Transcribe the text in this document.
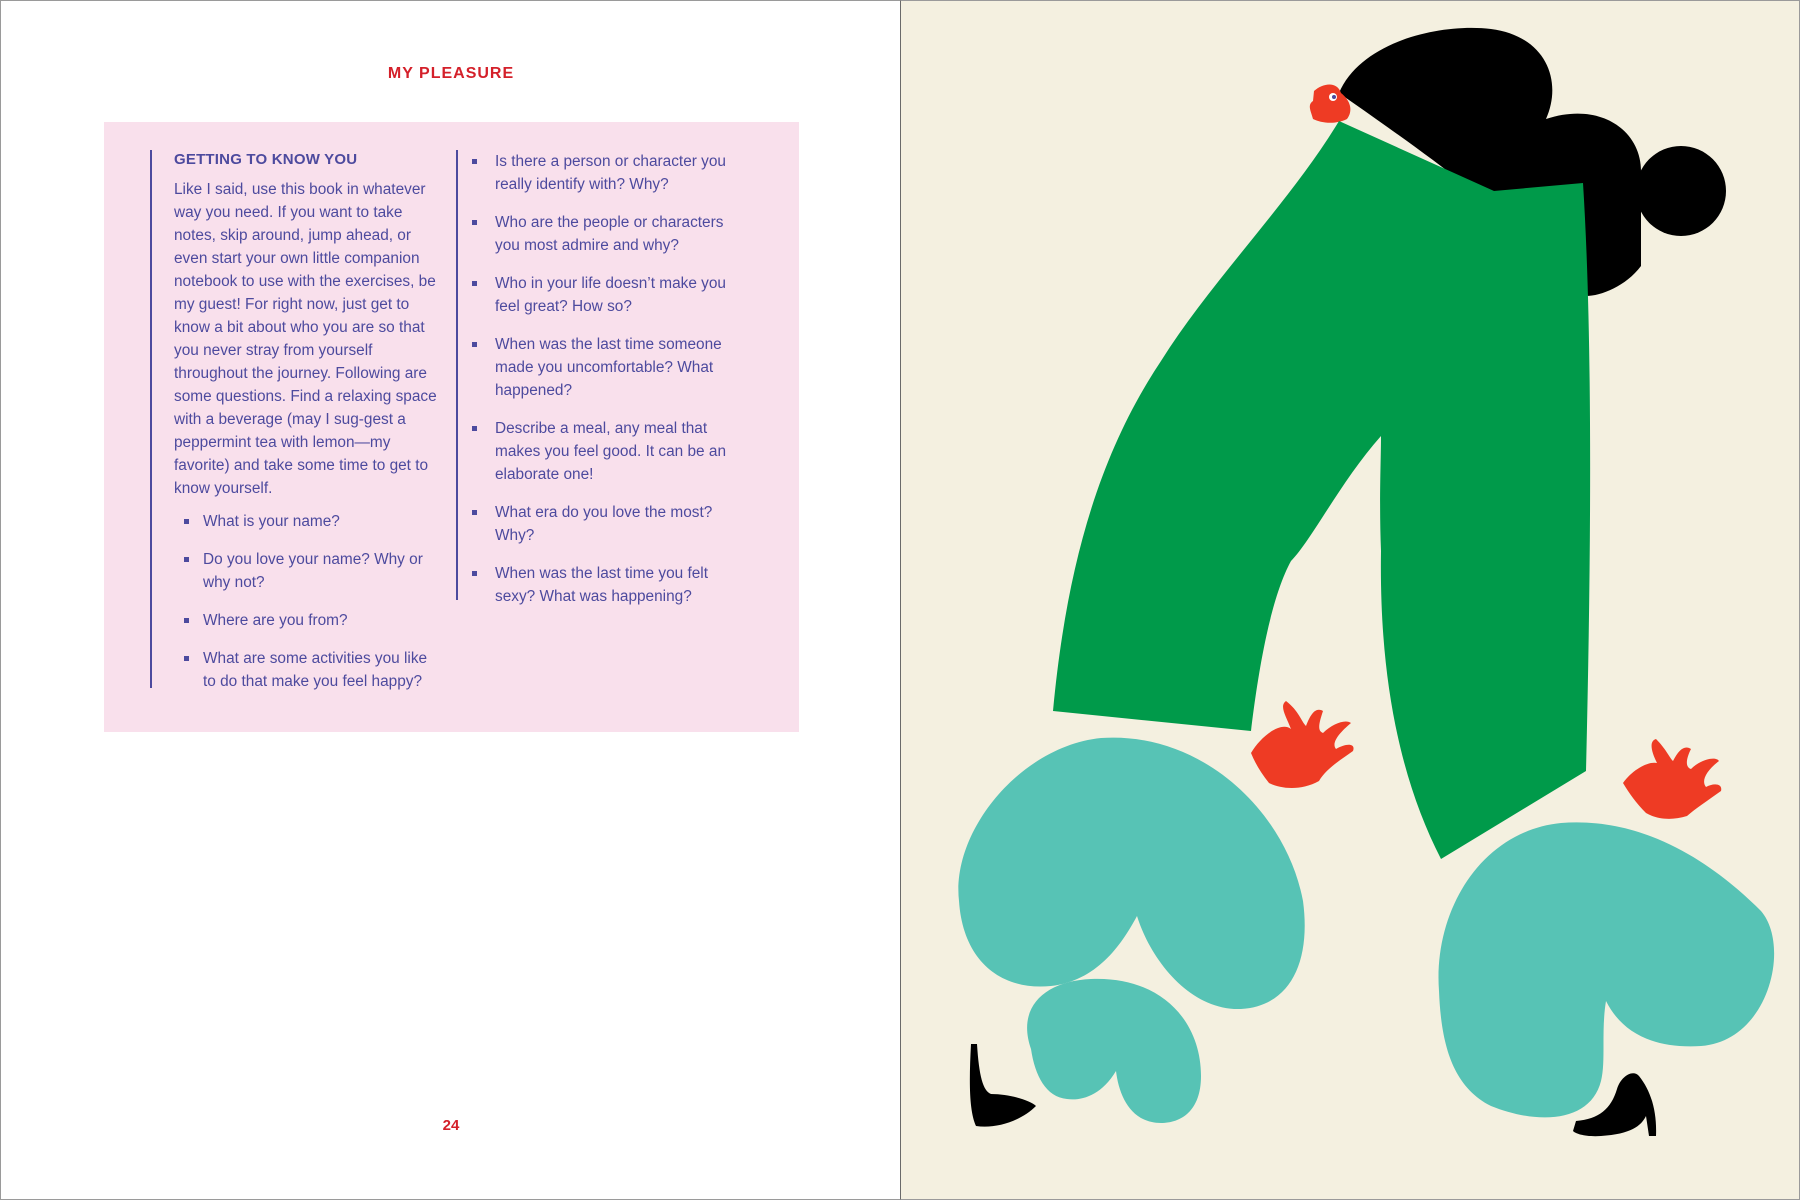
MY PLEASURE
GETTING TO KNOW YOU
Like I said, use this book in whatever way you need. If you want to take notes, skip around, jump ahead, or even start your own little companion notebook to use with the exercises, be my guest! For right now, just get to know a bit about who you are so that you never stray from yourself throughout the journey. Following are some questions. Find a relaxing space with a beverage (may I sug-gest a peppermint tea with lemon—my favorite) and take some time to get to know yourself.
What is your name?
Do you love your name? Why or why not?
Where are you from?
What are some activities you like to do that make you feel happy?
Is there a person or character you really identify with? Why?
Who are the people or characters you most admire and why?
Who in your life doesn’t make you feel great? How so?
When was the last time someone made you uncomfortable? What happened?
Describe a meal, any meal that makes you feel good. It can be an elaborate one!
What era do you love the most? Why?
When was the last time you felt sexy? What was happening?
24
